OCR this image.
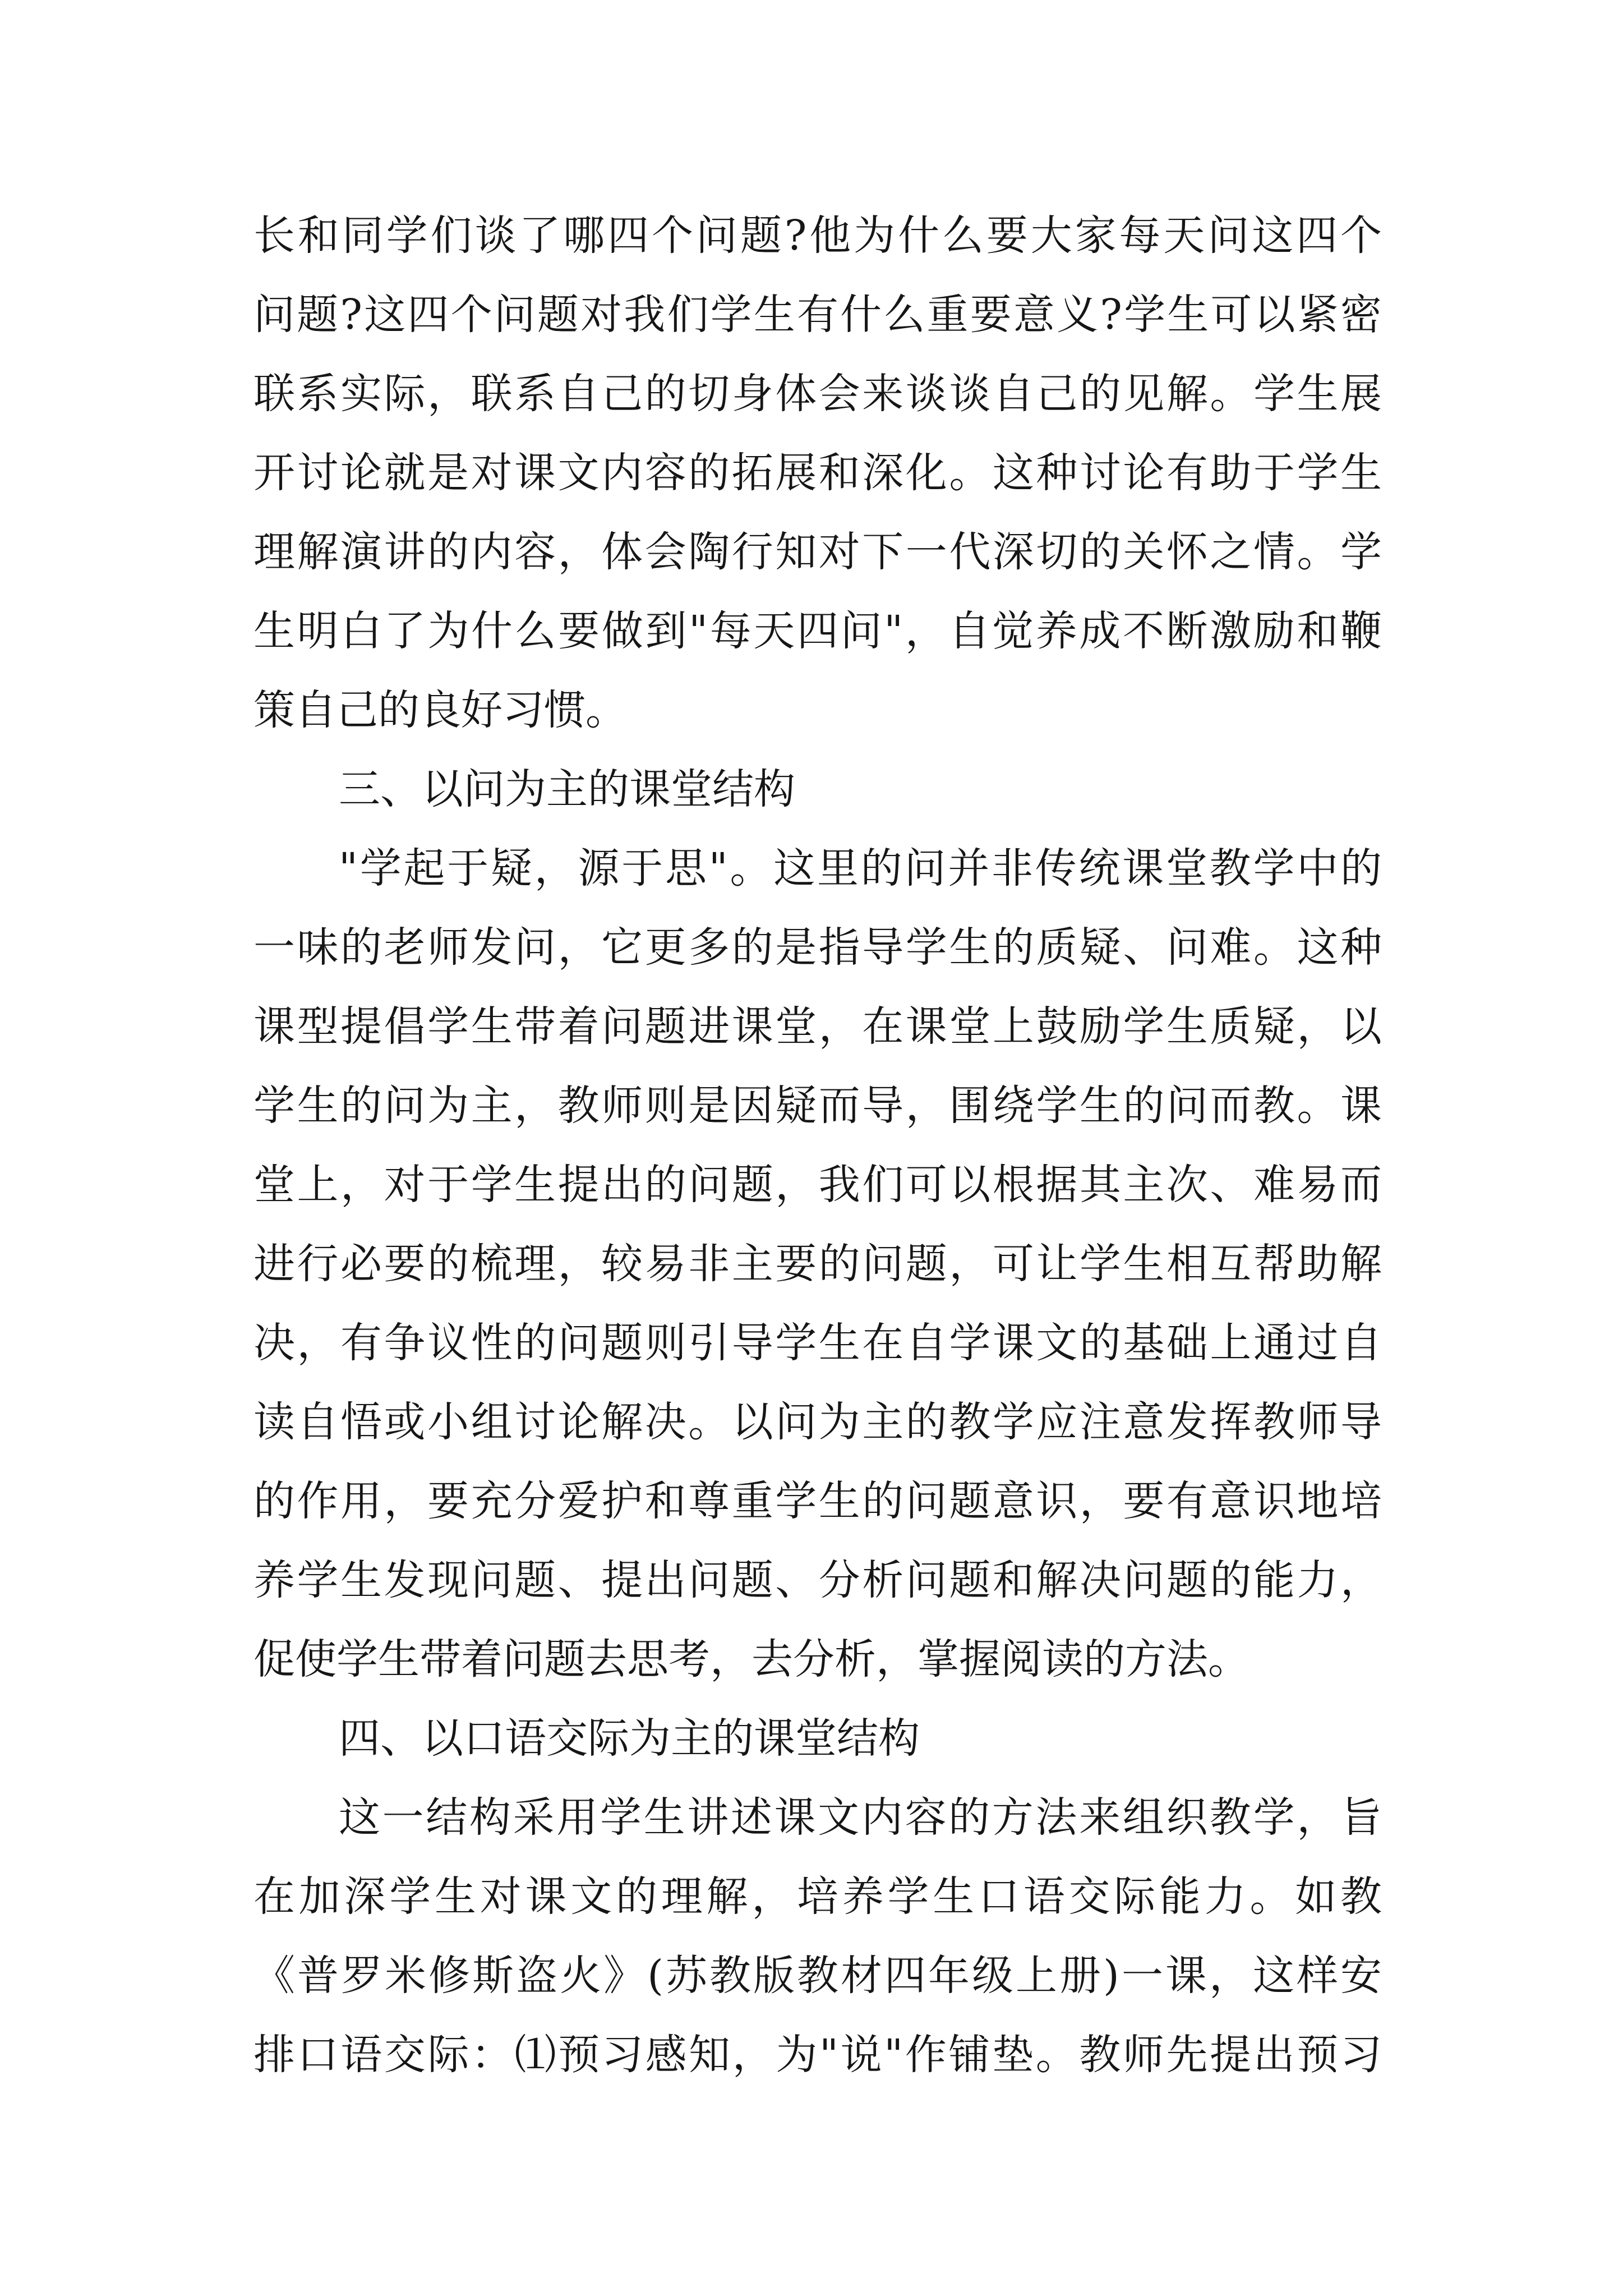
长和同学们谈了哪四个问题?他为什么要大家每天问这四个
问题?这四个问题对我们学生有什么重要意义?学生可以紧密
联系实际，联系自己的切身体会来谈谈自己的见解。学生展
开讨论就是对课文内容的拓展和深化。这种讨论有助于学生
理解演讲的内容，体会陶行知对下一代深切的关怀之情。学
生明白了为什么要做到"每天四问"，自觉养成不断激励和鞭
策自己的良好习惯。
三、以问为主的课堂结构
"学起于疑，源于思"。这里的问并非传统课堂教学中的
一味的老师发问，它更多的是指导学生的质疑、问难。这种
课型提倡学生带着问题进课堂，在课堂上鼓励学生质疑，以
学生的问为主，教师则是因疑而导，围绕学生的问而教。课
堂上，对于学生提出的问题，我们可以根据其主次、难易而
进行必要的梳理，较易非主要的问题，可让学生相互帮助解
决，有争议性的问题则引导学生在自学课文的基础上通过自
读自悟或小组讨论解决。以问为主的教学应注意发挥教师导
的作用，要充分爱护和尊重学生的问题意识，要有意识地培
养学生发现问题、提出问题、分析问题和解决问题的能力，
促使学生带着问题去思考，去分析，掌握阅读的方法。
四、以口语交际为主的课堂结构
这一结构采用学生讲述课文内容的方法来组织教学，旨
在加深学生对课文的理解，培养学生口语交际能力。如教
《普罗米修斯盗火》(苏教版教材四年级上册)一课，这样安
排口语交际：⑴预习感知，为"说"作铺垫。教师先提出预习
